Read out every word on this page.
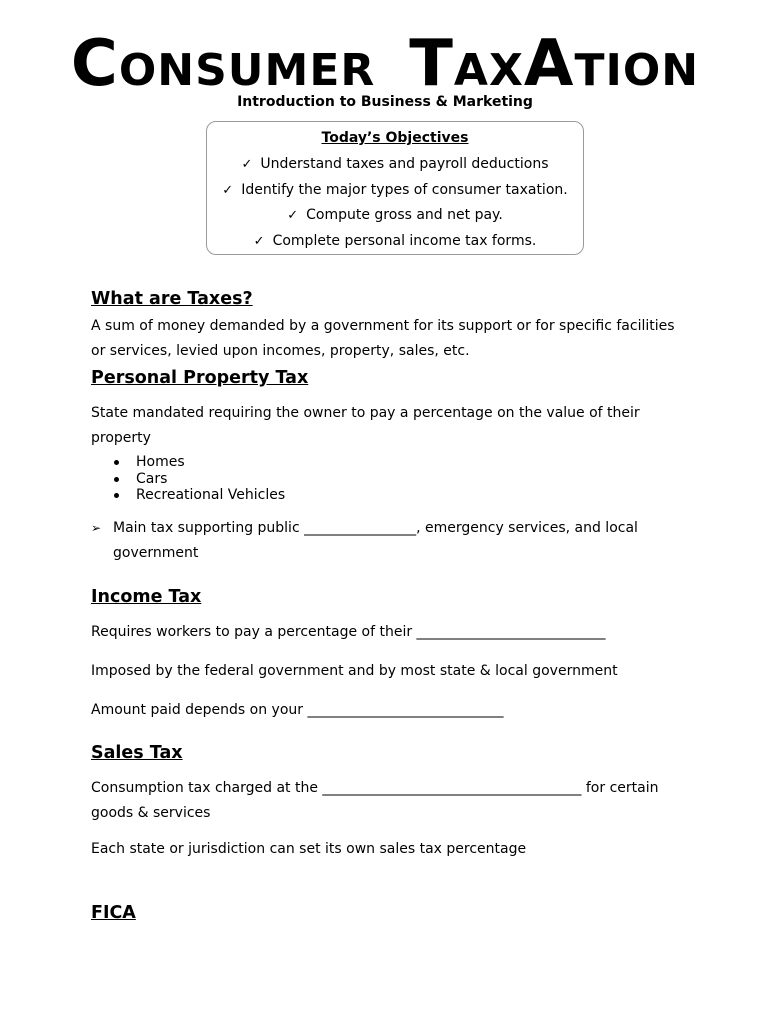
CONSUMER TAXATION
Introduction to Business & Marketing
Today’s Objectives
✓ Understand taxes and payroll deductions
✓ Identify the major types of consumer taxation.
✓ Compute gross and net pay.
✓ Complete personal income tax forms.
What are Taxes?
A sum of money demanded by a government for its support or for specific facilities or services, levied upon incomes, property, sales, etc.
Personal Property Tax
State mandated requiring the owner to pay a percentage on the value of their property
Homes
Cars
Recreational Vehicles
➢ Main tax supporting public ________________, emergency services, and local government
Income Tax
Requires workers to pay a percentage of their ___________________________
Imposed by the federal government and by most state & local government
Amount paid depends on your ____________________________
Sales Tax
Consumption tax charged at the _____________________________________ for certain goods & services
Each state or jurisdiction can set its own sales tax percentage
FICA
